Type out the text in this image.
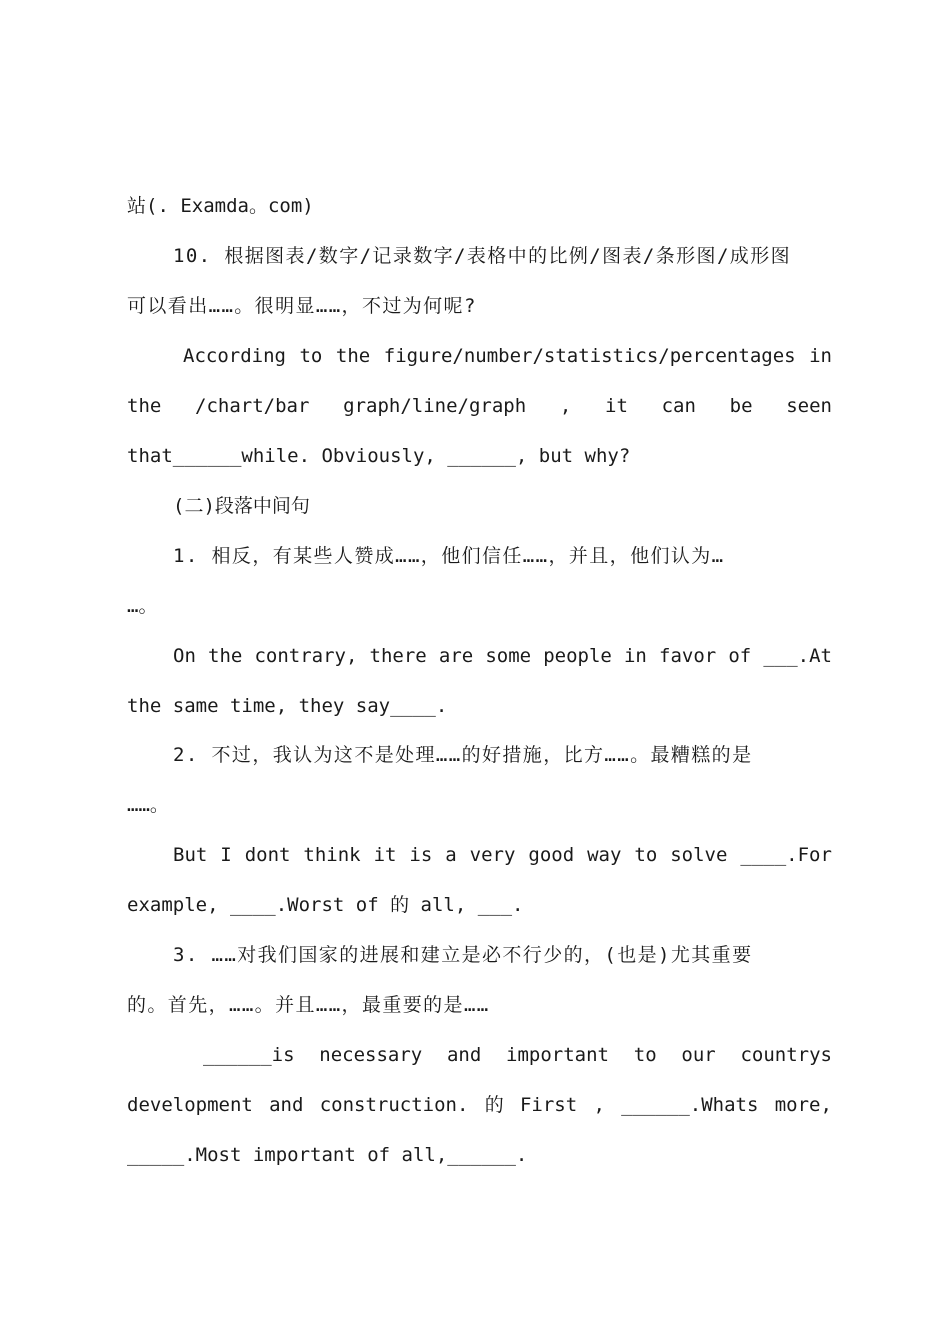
站(. Examda。com)
10. 根据图表/数字/记录数字/表格中的比例/图表/条形图/成形图
可以看出……。很明显……，不过为何呢?
According to the figure/number/statistics/percentages in
the /chart/bar graph/line/graph , it can be seen
that______while. Obviously, ______, but why?
(二)段落中间句
1. 相反，有某些人赞成……，他们信任……，并且，他们认为…
…。
On the contrary, there are some people in favor of ___.At
the same time, they say____.
2. 不过，我认为这不是处理……的好措施，比方……。最糟糕的是
……。
But I dont think it is a very good way to solve ____.For
example, ____.Worst of 的 all, ___.
3. ……对我们国家的进展和建立是必不行少的，(也是)尤其重要
的。首先，……。并且……，最重要的是……
______is necessary and important to our countrys
development and construction. 的 First , ______.Whats more,
_____.Most important of all,______.
